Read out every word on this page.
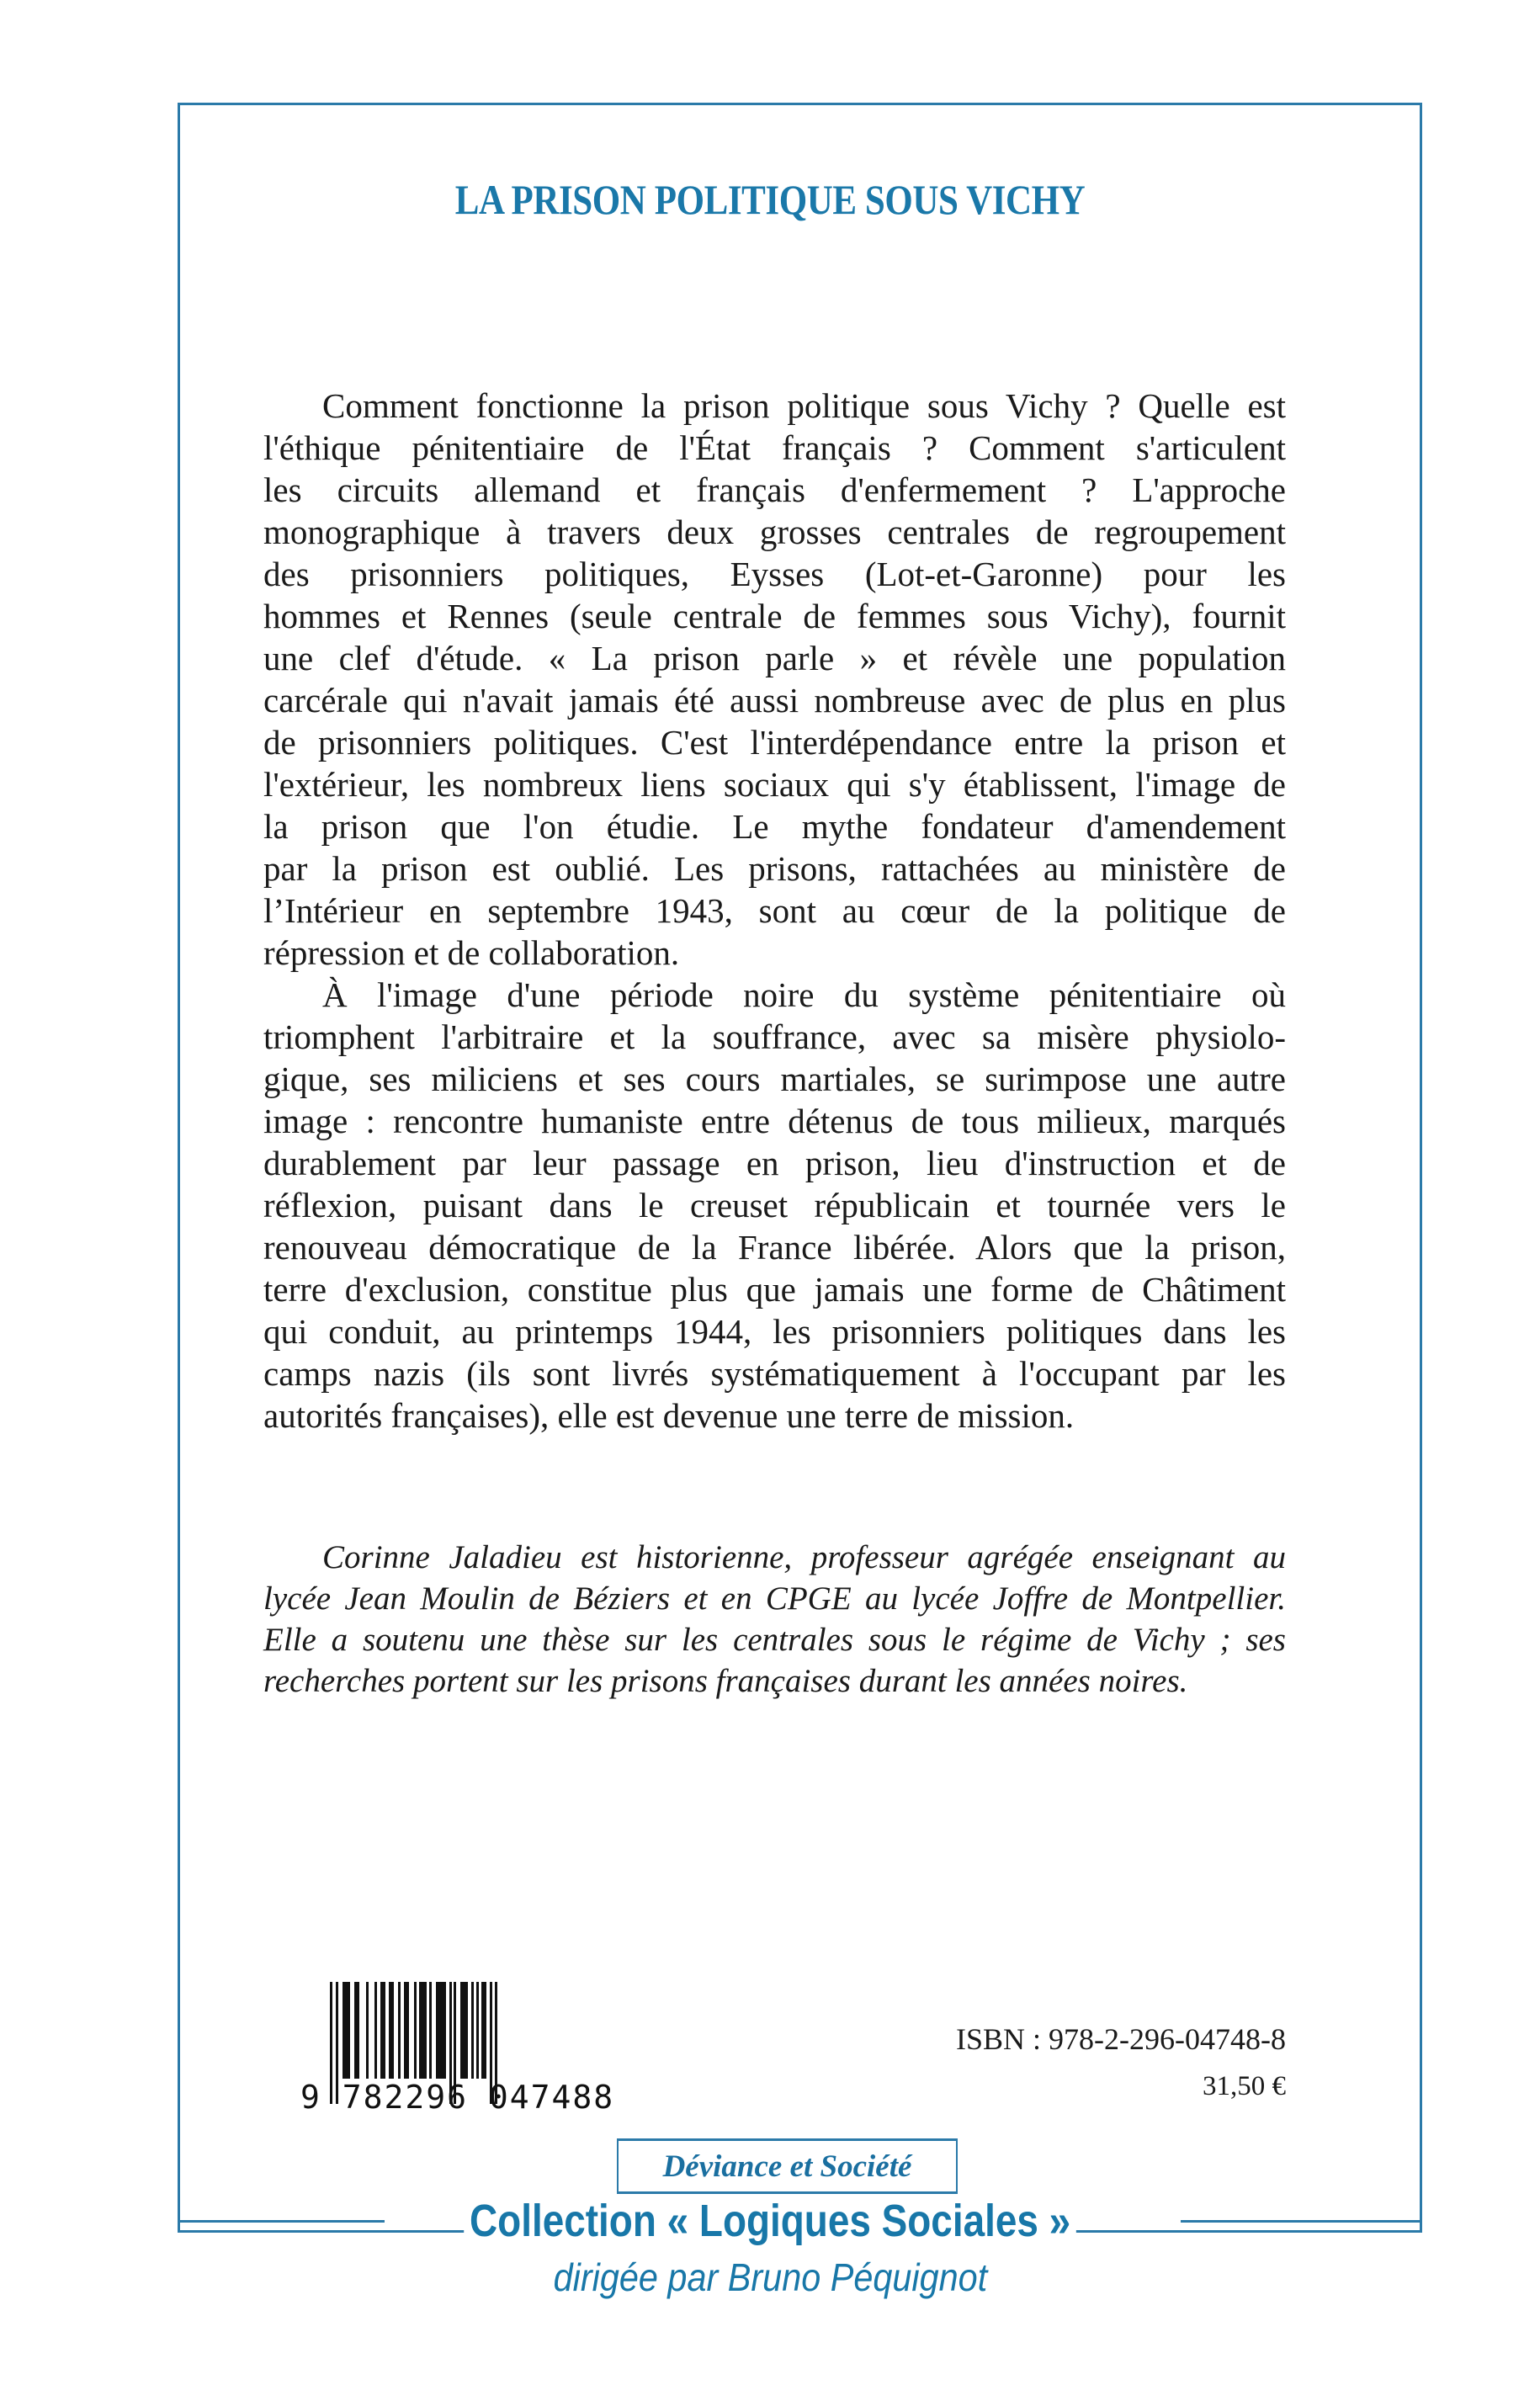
LA PRISON POLITIQUE SOUS VICHY
Comment fonctionne la prison politique sous Vichy ? Quelle est
l'éthique pénitentiaire de l'État français ? Comment s'articulent
les circuits allemand et français d'enfermement ? L'approche
monographique à travers deux grosses centrales de regroupement
des prisonniers politiques, Eysses (Lot-et-Garonne) pour les
hommes et Rennes (seule centrale de femmes sous Vichy), fournit
une clef d'étude. « La prison parle » et révèle une population
carcérale qui n'avait jamais été aussi nombreuse avec de plus en plus
de prisonniers politiques. C'est l'interdépendance entre la prison et
l'extérieur, les nombreux liens sociaux qui s'y établissent, l'image de
la prison que l'on étudie. Le mythe fondateur d'amendement
par la prison est oublié. Les prisons, rattachées au ministère de
l’Intérieur en septembre 1943, sont au cœur de la politique de
répression et de collaboration.
À l'image d'une période noire du système pénitentiaire où
triomphent l'arbitraire et la souffrance, avec sa misère physiolo-
gique, ses miliciens et ses cours martiales, se surimpose une autre
image : rencontre humaniste entre détenus de tous milieux, marqués
durablement par leur passage en prison, lieu d'instruction et de
réflexion, puisant dans le creuset républicain et tournée vers le
renouveau démocratique de la France libérée. Alors que la prison,
terre d'exclusion, constitue plus que jamais une forme de Châtiment
qui conduit, au printemps 1944, les prisonniers politiques dans les
camps nazis (ils sont livrés systématiquement à l'occupant par les
autorités françaises), elle est devenue une terre de mission.
Corinne Jaladieu est historienne, professeur agrégée enseignant au
lycée Jean Moulin de Béziers et en CPGE au lycée Joffre de Montpellier.
Elle a soutenu une thèse sur les centrales sous le régime de Vichy ; ses
recherches portent sur les prisons françaises durant les années noires.
9 782296 047488
ISBN : 978-2-296-04748-8
31,50 €
Déviance et Société
Collection « Logiques Sociales »
dirigée par Bruno Péquignot
